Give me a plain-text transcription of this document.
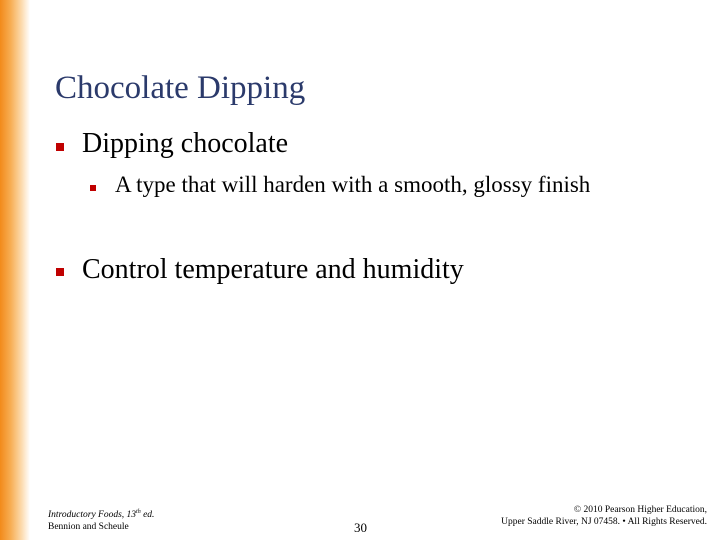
Chocolate Dipping
Dipping chocolate
A type that will harden with a smooth, glossy finish
Control temperature and humidity
Introductory Foods, 13th ed.
Bennion and Scheule	30
© 2010 Pearson Higher Education,
Upper Saddle River, NJ 07458. • All Rights Reserved.
